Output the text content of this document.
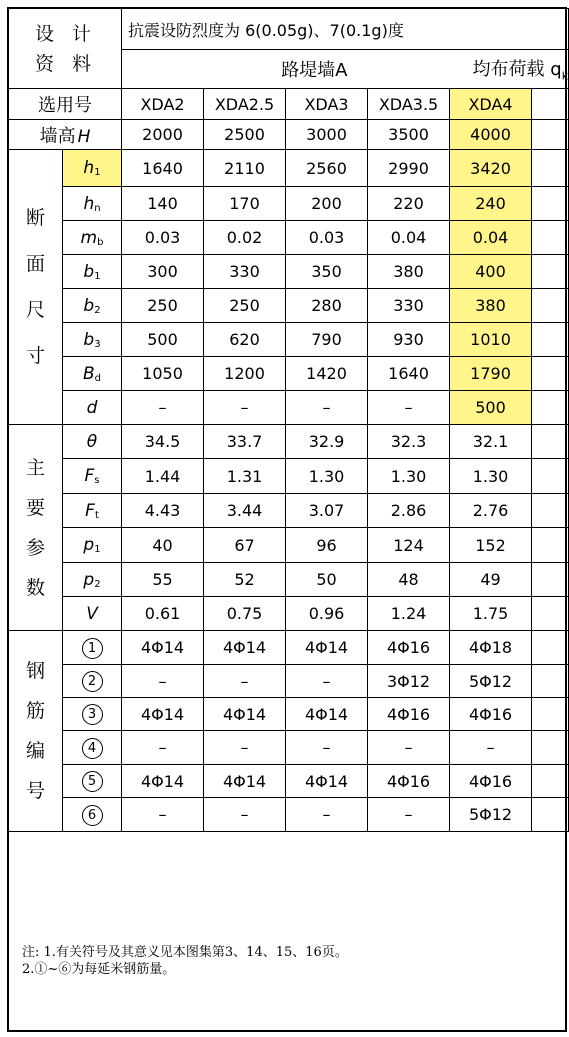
设计
资料		抗震设防烈度为 6(0.05g)、7(0.1g)度					
		路堤墙A			均布荷载 $q_k$
选用号		XDA2	XDA2.5	XDA3	XDA3.5	XDA4	
墙高 H		2000	2500	3000	3500	4000	

断
面
尺
寸	h1	1640	2110	2560	2990	3420	
	hn	140	170	200	220	240	
	mb	0.03	0.02	0.03	0.04	0.04	
	b1	300	330	350	380	400	
	b2	250	250	280	330	380	
	b3	500	620	790	930	1010	
	Bd	1050	1200	1420	1640	1790	
	d	–	–	–	–	500	

主
要
参
数	θ	34.5	33.7	32.9	32.3	32.1	
	Fs	1.44	1.31	1.30	1.30	1.30	
	Ft	4.43	3.44	3.07	2.86	2.76	
	p1	40	67	96	124	152	
	p2	55	52	50	48	49	
	V	0.61	0.75	0.96	1.24	1.75	

钢
筋
编
号	1	4Φ14	4Φ14	4Φ14	4Φ16	4Φ18	
	2	–	–	–	3Φ12	5Φ12	
	3	4Φ14	4Φ14	4Φ14	4Φ16	4Φ16	
	4	–	–	–	–	–	
	5	4Φ14	4Φ14	4Φ14	4Φ16	4Φ16	
	6	–	–	–	–	5Φ12	
注: 1.有关符号及其意义见本图集第3、14、15、16页。
2.①~⑥为每延米钢筋量。
